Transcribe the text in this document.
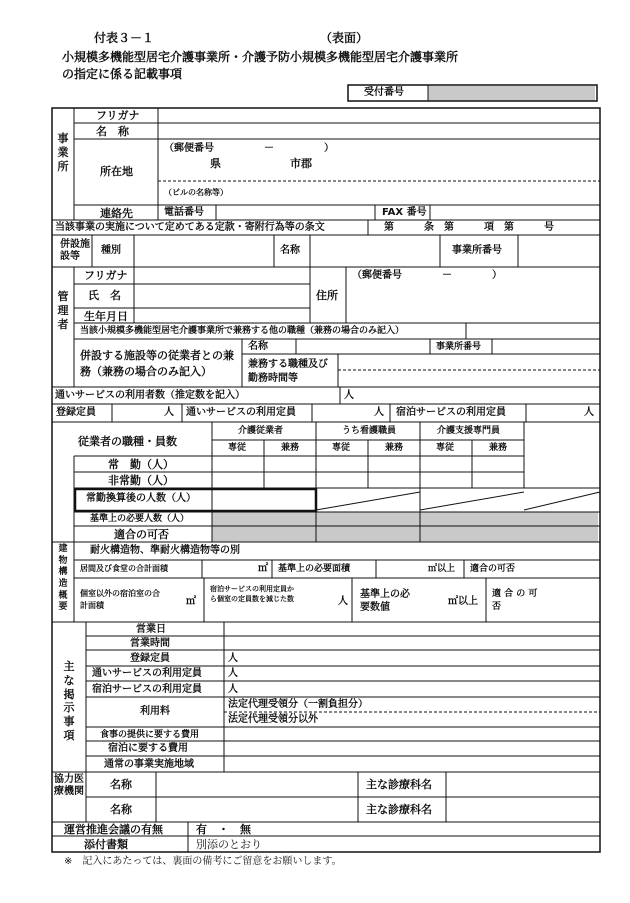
付表３－１	（表面）
小規模多機能型居宅介護事業所・介護予防小規模多機能型居宅介護事業所
の指定に係る記載事項
受付番号
事業所
フリガナ
名　称
所在地
（郵便番号　　　　　－　　　　　）
県	市郡
（ビルの名称等）
連絡先	電話番号	FAX 番号
当該事業の実施について定めてある定款・寄附行為等の条文	第　　　条　第　　　項　第　　　号
併設施設等
種別	名称	事業所番号
管理者
フリガナ
氏　名
生年月日
住所
（郵便番号　　　　－　　　　）
当該小規模多機能型居宅介護事業所で兼務する他の職種（兼務の場合のみ記入）
併設する施設等の従業者との兼務（兼務の場合のみ記入）
名称	事業所番号
兼務する職種及び勤務時間等
通いサービスの利用者数（推定数を記入）	人
登録定員	人 通いサービスの利用定員	人 宿泊サービスの利用定員	人
従業者の職種・員数
介護従業者	うち看護職員	介護支援専門員
専従	兼務	専従	兼務	専従	兼務
常　勤（人）
非常勤（人）
常勤換算後の人数（人）
基準上の必要人数（人）
適合の可否
建物構造概要
耐火構造物、準耐火構造物等の別
居間及び食堂の合計面積	㎡ 基準上の必要面積	㎡以上 適合の可否
個室以外の宿泊室の合計面積	㎡
宿泊サービスの利用定員から個室の定員数を減じた数	人
基準上の必要数値
㎡以上
適 合 の 可 否
主な掲示事項
営業日
営業時間
登録定員	人
通いサービスの利用定員	人
宿泊サービスの利用定員	人
利用料
法定代理受領分（一割負担分）
法定代理受領分以外
食事の提供に要する費用
宿泊に要する費用
通常の事業実施地域
協力医療機関
名称	主な診療科名
名称	主な診療科名
運営推進会議の有無	有　・　無
添付書類	別添のとおり
※　記入にあたっては、裏面の備考にご留意をお願いします。
